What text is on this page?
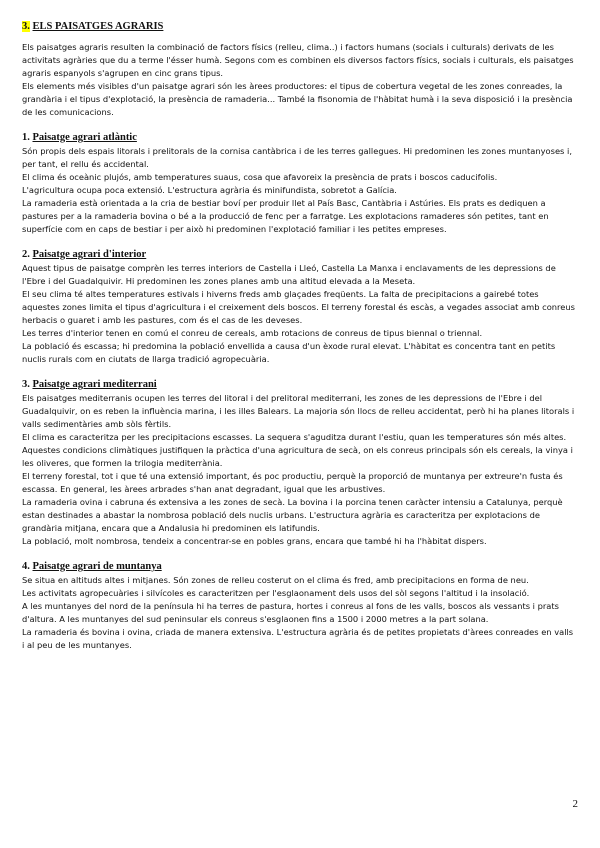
3. ELS PAISATGES AGRARIS

Els paisatges agraris resulten la combinació de factors físics (relleu, clima..) i factors humans (socials i culturals) derivats de les activitats agràries que du a terme l'ésser humà. Segons com es combinen els diversos factors físics, socials i culturals, els paisatges agraris espanyols s'agrupen en cinc grans tipus.

Els elements més visibles d'un paisatge agrari són les àrees productores: el tipus de cobertura vegetal de les zones conreades, la grandària i el tipus d'explotació, la presència de ramaderia... També la fisonomia de l'hàbitat humà i la seva disposició i la presència de les comunicacions.

1. Paisatge agrari atlàntic

Són propis dels espais litorals i prelitorals de la cornisa cantàbrica i de les terres gallegues. Hi predominen les zones muntanyoses i, per tant, el rellu és accidental.

El clima és oceànic plujós, amb temperatures suaus, cosa que afavoreix la presència de prats i boscos caducifolis.

L'agricultura ocupa poca extensió. L'estructura agrària és minifundista, sobretot a Galícia.

La ramaderia està orientada a la cria de bestiar boví per produir llet al País Basc, Cantàbria i Astúries. Els prats es dediquen a pastures per a la ramaderia bovina o bé a la producció de fenc per a farratge. Les explotacions ramaderes són petites, tant en superfície com en caps de bestiar i per això hi predominen l'explotació familiar i les petites empreses.

2. Paisatge agrari d'interior

Aquest tipus de paisatge comprèn les terres interiors de Castella i Lleó, Castella La Manxa i enclavaments de les depressions de l'Ebre i del Guadalquivir. Hi predominen les zones planes amb una altitud elevada a la Meseta.

El seu clima té altes temperatures estivals i hiverns freds amb glaçades freqüents. La falta de precipitacions a gairebé totes aquestes zones limita el tipus d'agricultura i el creixement dels boscos. El terreny forestal és escàs, a vegades associat amb conreus herbacis o guaret i amb les pastures, com és el cas de les deveses.

Les terres d'interior tenen en comú el conreu de cereals, amb rotacions de conreus de tipus biennal o triennal.

La població és escassa; hi predomina la població envellida a causa d'un èxode rural elevat. L'hàbitat es concentra tant en petits nuclis rurals com en ciutats de llarga tradició agropecuària.

3. Paisatge agrari mediterrani

Els paisatges mediterranis ocupen les terres del litoral i del prelitoral mediterrani, les zones de les depressions de l'Ebre i del Guadalquivir, on es reben la influència marina, i les illes Balears. La majoria són llocs de relleu accidentat, però hi ha planes litorals i valls sedimentàries amb sòls fèrtils.

El clima es caracteritza per les precipitacions escasses. La sequera s'aguditza durant l'estiu, quan les temperatures són més altes. Aquestes condicions climàtiques justifiquen la pràctica d'una agricultura de secà, on els conreus principals són els cereals, la vinya i les oliveres, que formen la trilogia mediterrània.

El terreny forestal, tot i que té una extensió important, és poc productiu, perquè la proporció de muntanya per extreure'n fusta és escassa. En general, les àrees arbrades s'han anat degradant, igual que les arbustives.

La ramaderia ovina i cabruna és extensiva a les zones de secà. La bovina i la porcina tenen caràcter intensiu a Catalunya, perquè estan destinades a abastar la nombrosa població dels nuclis urbans. L'estructura agrària es caracteritza per explotacions de grandària mitjana, encara que a Andalusia hi predominen els latifundis.

La població, molt nombrosa, tendeix a concentrar-se en pobles grans, encara que també hi ha l'hàbitat dispers.

4. Paisatge agrari de muntanya

Se situa en altituds altes i mitjanes. Són zones de relleu costerut on el clima és fred, amb precipitacions en forma de neu.

Les activitats agropecuàries i silvícoles es caracteritzen per l'esglaonament dels usos del sòl segons l'altitud i la insolació.

A les muntanyes del nord de la península hi ha terres de pastura, hortes i conreus al fons de les valls, boscos als vessants i prats d'altura. A les muntanyes del sud peninsular els conreus s'esglaonen fins a 1500 i 2000 metres a la part solana.

La ramaderia és bovina i ovina, criada de manera extensiva. L'estructura agrària és de petites propietats d'àrees conreades en valls i al peu de les muntanyes.

2
